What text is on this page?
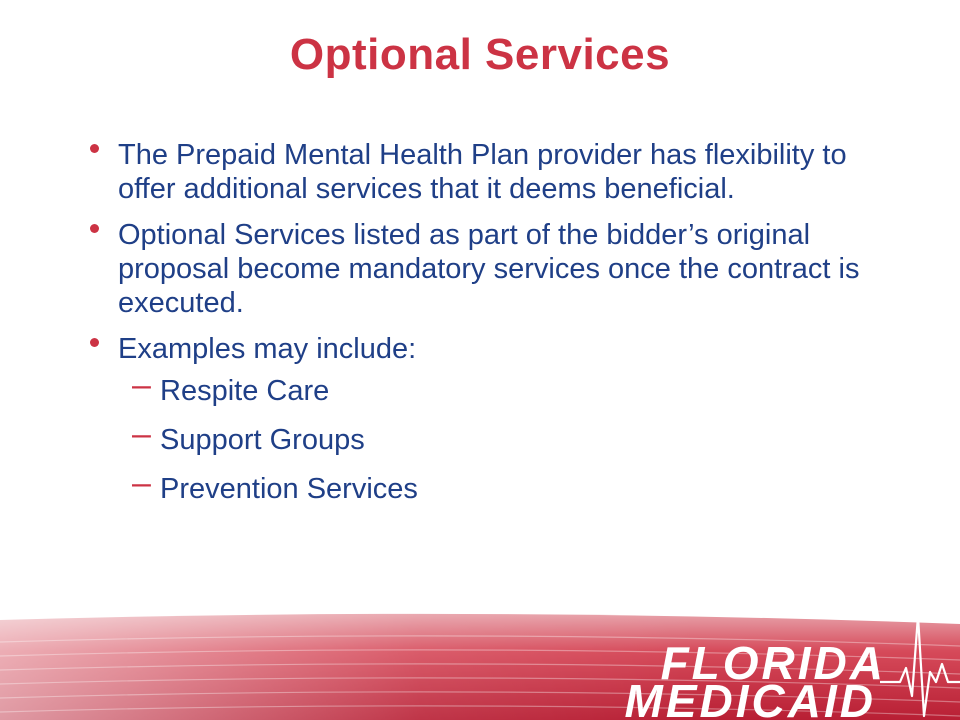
Optional Services
The Prepaid Mental Health Plan provider has flexibility to offer additional services that it deems beneficial.
Optional Services listed as part of the bidder’s original proposal become mandatory services once the contract is executed.
Examples may include:
– Respite Care
– Support Groups
– Prevention Services
FLORIDA
MEDICAID
